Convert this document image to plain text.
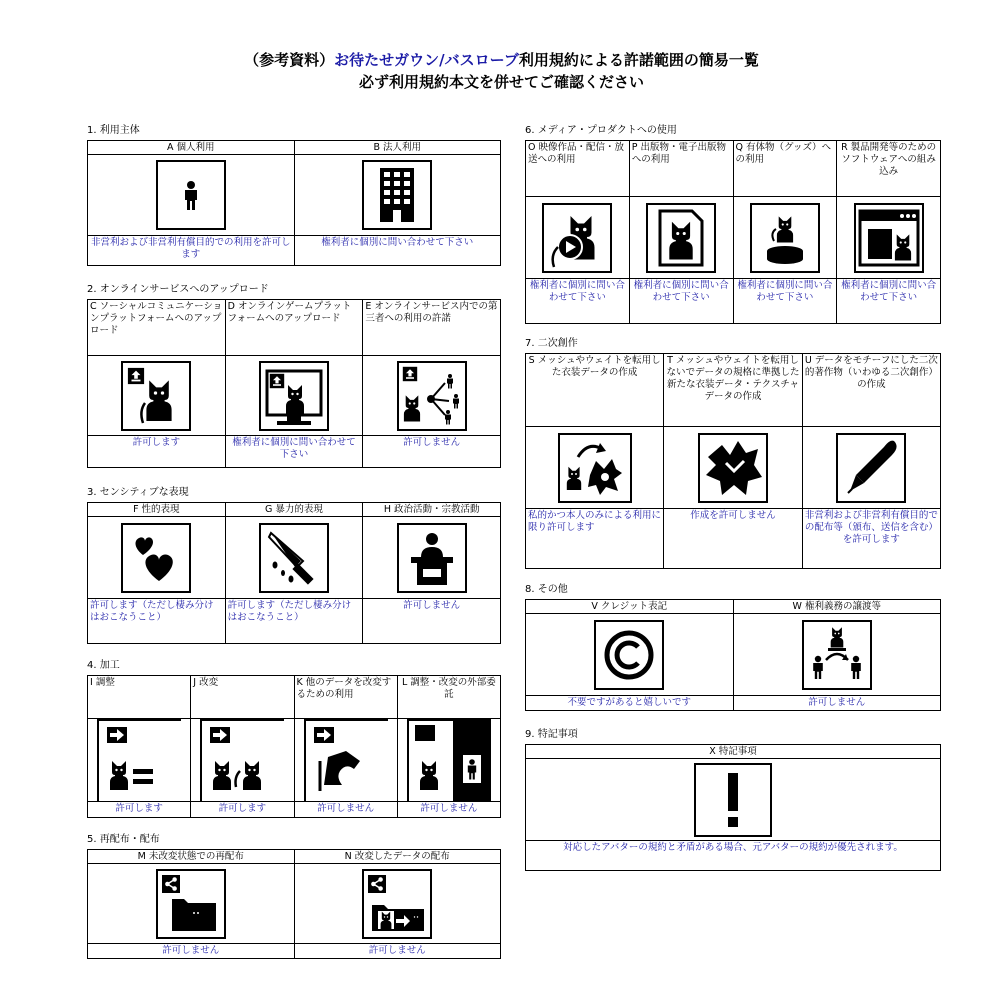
（参考資料）お待たせガウン/バスローブ利用規約による許諾範囲の簡易一覧
必ず利用規約本文を併せてご確認ください
1. 利用主体
A 個人利用	B 法人利用

非営利および非営利有償目的での利用を許可します	権利者に個別に問い合わせて下さい
2. オンラインサービスへのアップロード
C ソーシャルコミュニケーションプラットフォームへのアップロード	D オンラインゲームプラットフォームへのアップロード	E オンラインサービス内での第三者への利用の許諾

許可します	権利者に個別に問い合わせて下さい	許可しません
3. センシティブな表現
F 性的表現	G 暴力的表現	H 政治活動・宗教活動

許可します（ただし棲み分けはおこなうこと）	許可します（ただし棲み分けはおこなうこと）	許可しません
4. 加工
I 調整	J 改変	K 他のデータを改変するための利用	L 調整・改変の外部委託

許可します	許可します	許可しません	許可しません
5. 再配布・配布
M 未改変状態での再配布	N 改変したデータの配布

許可しません	許可しません
6. メディア・プロダクトへの使用
O 映像作品・配信・放送への利用	P 出版物・電子出版物への利用	Q 有体物（グッズ）への利用	R 製品開発等のためのソフトウェアへの組み込み

権利者に個別に問い合わせて下さい	権利者に個別に問い合わせて下さい	権利者に個別に問い合わせて下さい	権利者に個別に問い合わせて下さい
7. 二次創作
S メッシュやウェイトを転用した衣装データの作成	T メッシュやウェイトを転用しないでデータの規格に準拠した新たな衣装データ・テクスチャデータの作成	U データをモチーフにした二次的著作物（いわゆる二次創作）の作成

私的かつ本人のみによる利用に限り許可します	作成を許可しません	非営利および非営利有償目的での配布等（頒布、送信を含む）を許可します
8. その他
V クレジット表記	W 権利義務の譲渡等

不要ですがあると嬉しいです	許可しません
9. 特記事項
X 特記事項

対応したアバターの規約と矛盾がある場合、元アバターの規約が優先されます。
